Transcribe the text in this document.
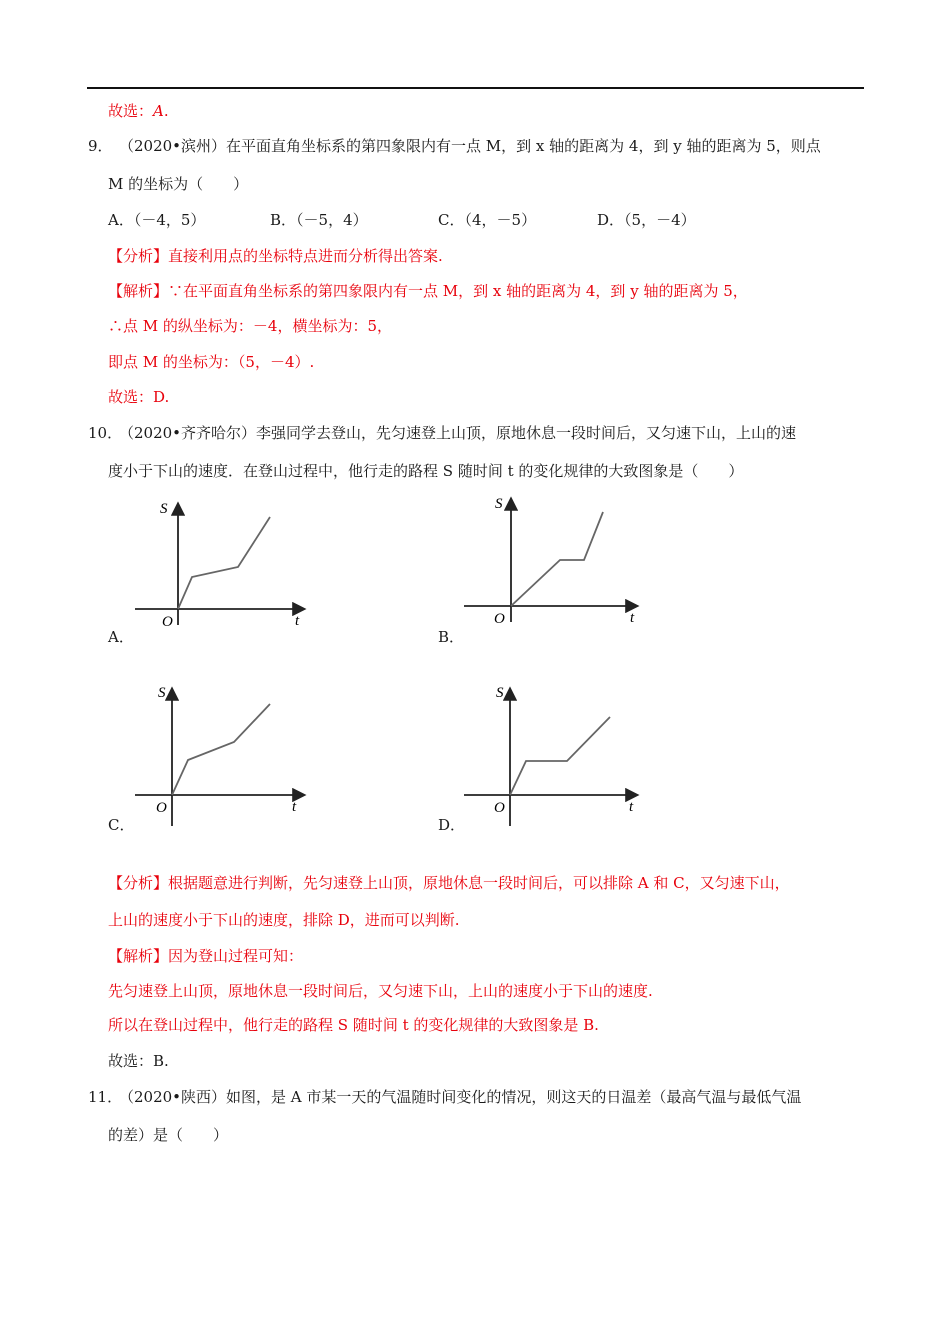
故选：A.
9． （2020•滨州）在平面直角坐标系的第四象限内有一点 M，到 x 轴的距离为 4，到 y 轴的距离为 5，则点
M 的坐标为（　　）
A．（－4，5）	B．（－5，4）	C．（4，－5）	D．（5，－4）
【分析】直接利用点的坐标特点进而分析得出答案.
【解析】∵在平面直角坐标系的第四象限内有一点 M，到 x 轴的距离为 4，到 y 轴的距离为 5，
∴点 M 的纵坐标为：－4，横坐标为：5，
即点 M 的坐标为：（5，－4）.
故选：D.
10．
（2020•齐齐哈尔）李强同学去登山，先匀速登上山顶，原地休息一段时间后，又匀速下山，上山的速
度小于下山的速度．在登山过程中，他行走的路程 S 随时间 t 的变化规律的大致图象是（　　）
S
t
O
A．
S
t
O
B．
S
t
O
C．
S
t
O
D．
【分析】根据题意进行判断，先匀速登上山顶，原地休息一段时间后，可以排除 A 和 C，又匀速下山，
上山的速度小于下山的速度，排除 D，进而可以判断.
【解析】因为登山过程可知：
先匀速登上山顶，原地休息一段时间后，又匀速下山，上山的速度小于下山的速度.
所以在登山过程中，他行走的路程 S 随时间 t 的变化规律的大致图象是 B.
故选：B.
11．
（2020•陕西）如图，是 A 市某一天的气温随时间变化的情况，则这天的日温差（最高气温与最低气温
的差）是（　　）
